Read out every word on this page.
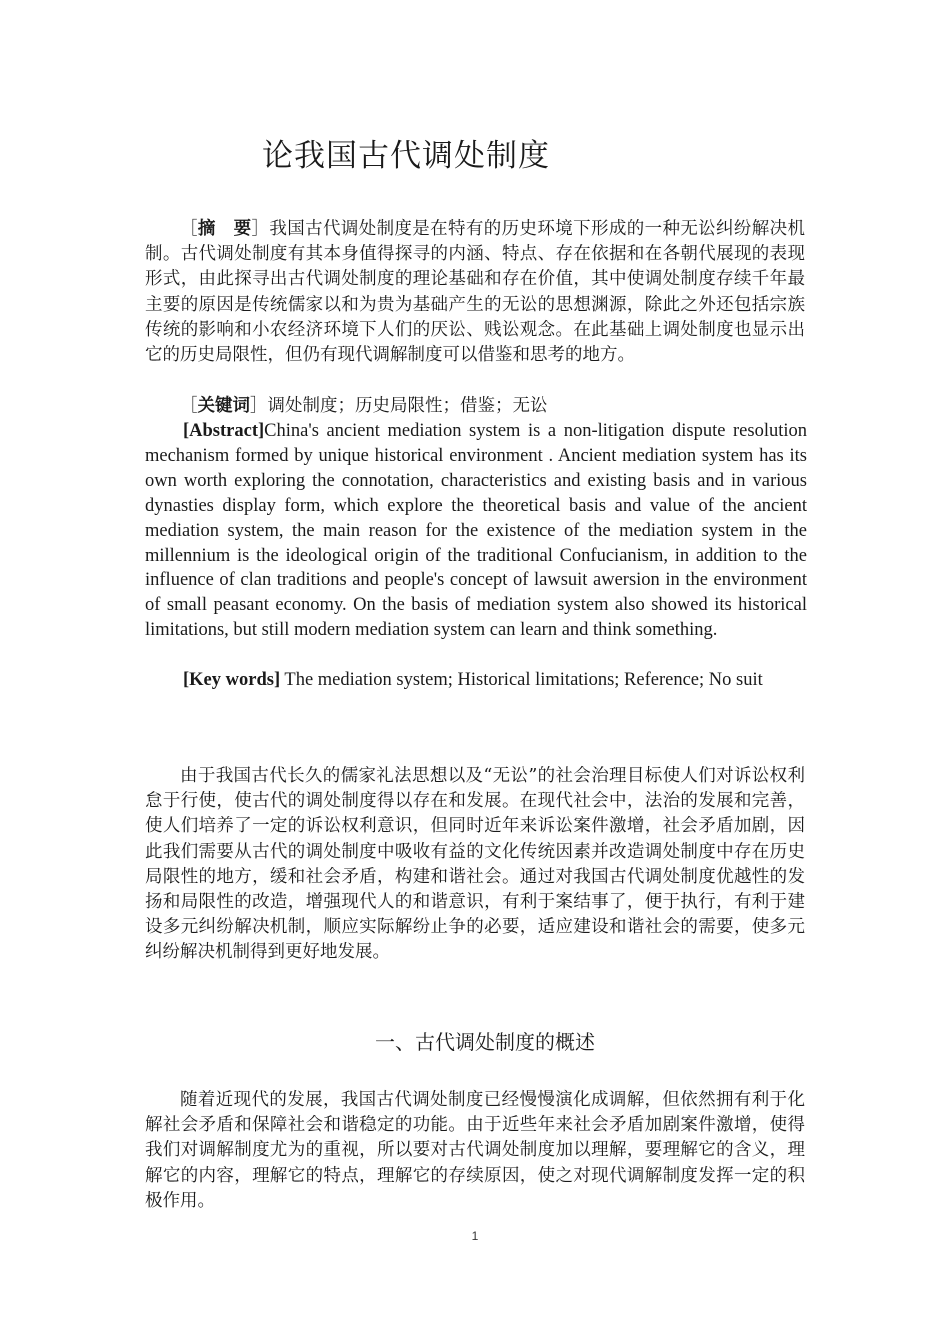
论我国古代调处制度

［摘　要］我国古代调处制度是在特有的历史环境下形成的一种无讼纠纷解决机制。古代调处制度有其本身值得探寻的内涵、特点、存在依据和在各朝代展现的表现形式，由此探寻出古代调处制度的理论基础和存在价值，其中使调处制度存续千年最主要的原因是传统儒家以和为贵为基础产生的无讼的思想渊源，除此之外还包括宗族传统的影响和小农经济环境下人们的厌讼、贱讼观念。在此基础上调处制度也显示出它的历史局限性，但仍有现代调解制度可以借鉴和思考的地方。

［关键词］调处制度；历史局限性；借鉴；无讼

[Abstract]China's ancient mediation system is a non-litigation dispute resolution mechanism formed by unique historical environment . Ancient mediation system has its own worth exploring the connotation, characteristics and existing basis and in various dynasties display form, which explore the theoretical basis and value of the ancient mediation system, the main reason for the existence of the mediation system in the millennium is the ideological origin of the traditional Confucianism, in addition to the influence of clan traditions and people's concept of lawsuit awersion in the environment of small peasant economy. On the basis of mediation system also showed its historical limitations, but still modern mediation system can learn and think something.

[Key words] The mediation system; Historical limitations; Reference; No suit

由于我国古代长久的儒家礼法思想以及“无讼”的社会治理目标使人们对诉讼权利怠于行使，使古代的调处制度得以存在和发展。在现代社会中，法治的发展和完善，使人们培养了一定的诉讼权利意识，但同时近年来诉讼案件激增，社会矛盾加剧，因此我们需要从古代的调处制度中吸收有益的文化传统因素并改造调处制度中存在历史局限性的地方，缓和社会矛盾，构建和谐社会。通过对我国古代调处制度优越性的发扬和局限性的改造，增强现代人的和谐意识，有利于案结事了，便于执行，有利于建设多元纠纷解决机制，顺应实际解纷止争的必要，适应建设和谐社会的需要，使多元纠纷解决机制得到更好地发展。

一、古代调处制度的概述

随着近现代的发展，我国古代调处制度已经慢慢演化成调解，但依然拥有利于化解社会矛盾和保障社会和谐稳定的功能。由于近些年来社会矛盾加剧案件激增，使得我们对调解制度尤为的重视，所以要对古代调处制度加以理解，要理解它的含义，理解它的内容，理解它的特点，理解它的存续原因，使之对现代调解制度发挥一定的积极作用。

1
